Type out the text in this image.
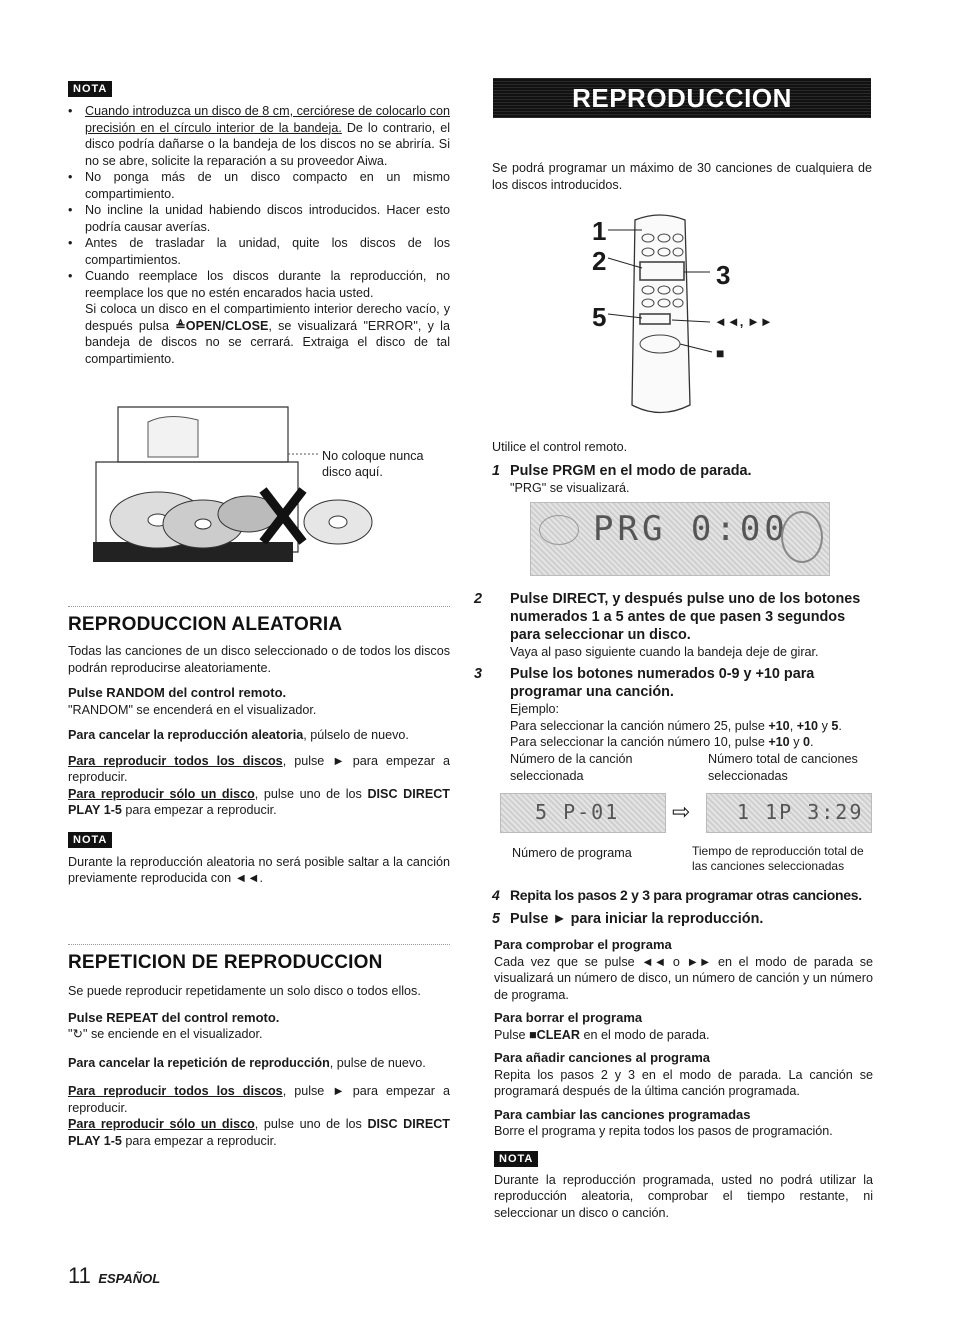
NOTA
• Cuando introduzca un disco de 8 cm, cerciórese de colocarlo con precisión en el círculo interior de la bandeja. De lo contrario, el disco podría dañarse o la bandeja de los discos no se abriría. Si no se abre, solicite la reparación a su proveedor Aiwa.
• No ponga más de un disco compacto en un mismo compartimiento.
• No incline la unidad habiendo discos introducidos. Hacer esto podría causar averías.
• Antes de trasladar la unidad, quite los discos de los compartimientos.
• Cuando reemplace los discos durante la reproducción, no reemplace los que no estén encarados hacia usted.
Si coloca un disco en el compartimiento interior derecho vacío, y después pulsa ≜OPEN/CLOSE, se visualizará "ERROR", y la bandeja de discos no se cerrará. Extraiga el disco de tal compartimiento.
No coloque nunca disco aquí.
REPRODUCCION ALEATORIA

Todas las canciones de un disco seleccionado o de todos los discos podrán reproducirse aleatoriamente.

Pulse RANDOM del control remoto.
"RANDOM" se encenderá en el visualizador.
Para cancelar la reproducción aleatoria, púlselo de nuevo.

Para reproducir todos los discos, pulse ► para empezar a reproducir.

Para reproducir sólo un disco, pulse uno de los DISC DIRECT PLAY 1-5 para empezar a reproducir.

NOTA

Durante la reproducción aleatoria no será posible saltar a la canción previamente reproducida con ◄◄.

REPETICION DE REPRODUCCION

Se puede reproducir repetidamente un solo disco o todos ellos.

Pulse REPEAT del control remoto.
"↻" se enciende en el visualizador.
Para cancelar la repetición de reproducción, pulse de nuevo.

Para reproducir todos los discos, pulse ► para empezar a reproducir.

Para reproducir sólo un disco, pulse uno de los DISC DIRECT PLAY 1-5 para empezar a reproducir.

11 ESPAÑOL
REPRODUCCION PROGRAMADA

Se podrá programar un máximo de 30 canciones de cualquiera de los discos introducidos.

1
2	3
5	◄◄, ►►
■
Utilice el control remoto.
1 Pulse PRGM en el modo de parada.
"PRG" se visualizará.
PRG 0:00
2 Pulse DIRECT, y después pulse uno de los botones numerados 1 a 5 antes de que pasen 3 segundos para seleccionar un disco.
Vaya al paso siguiente cuando la bandeja deje de girar.
3 Pulse los botones numerados 0-9 y +10 para programar una canción.
Ejemplo:
Para seleccionar la canción número 25, pulse +10, +10 y 5.
Para seleccionar la canción número 10, pulse +10 y 0.
Número de la canción seleccionada
Número total de canciones seleccionadas
5 P-01 ⇨ 1 1P 3:29
Número de programa	Tiempo de reproducción total de las canciones seleccionadas
4 Repita los pasos 2 y 3 para programar otras canciones.
5 Pulse ► para iniciar la reproducción.
Para comprobar el programa

Cada vez que se pulse ◄◄ o ►► en el modo de parada se visualizará un número de disco, un número de canción y un número de programa.

Para borrar el programa
Pulse ■CLEAR en el modo de parada.
Para añadir canciones al programa

Repita los pasos 2 y 3 en el modo de parada. La canción se programará después de la última canción programada.

Para cambiar las canciones programadas

Borre el programa y repita todos los pasos de programación.

NOTA

Durante la reproducción programada, usted no podrá utilizar la reproducción aleatoria, comprobar el tiempo restante, ni seleccionar un disco o canción.
